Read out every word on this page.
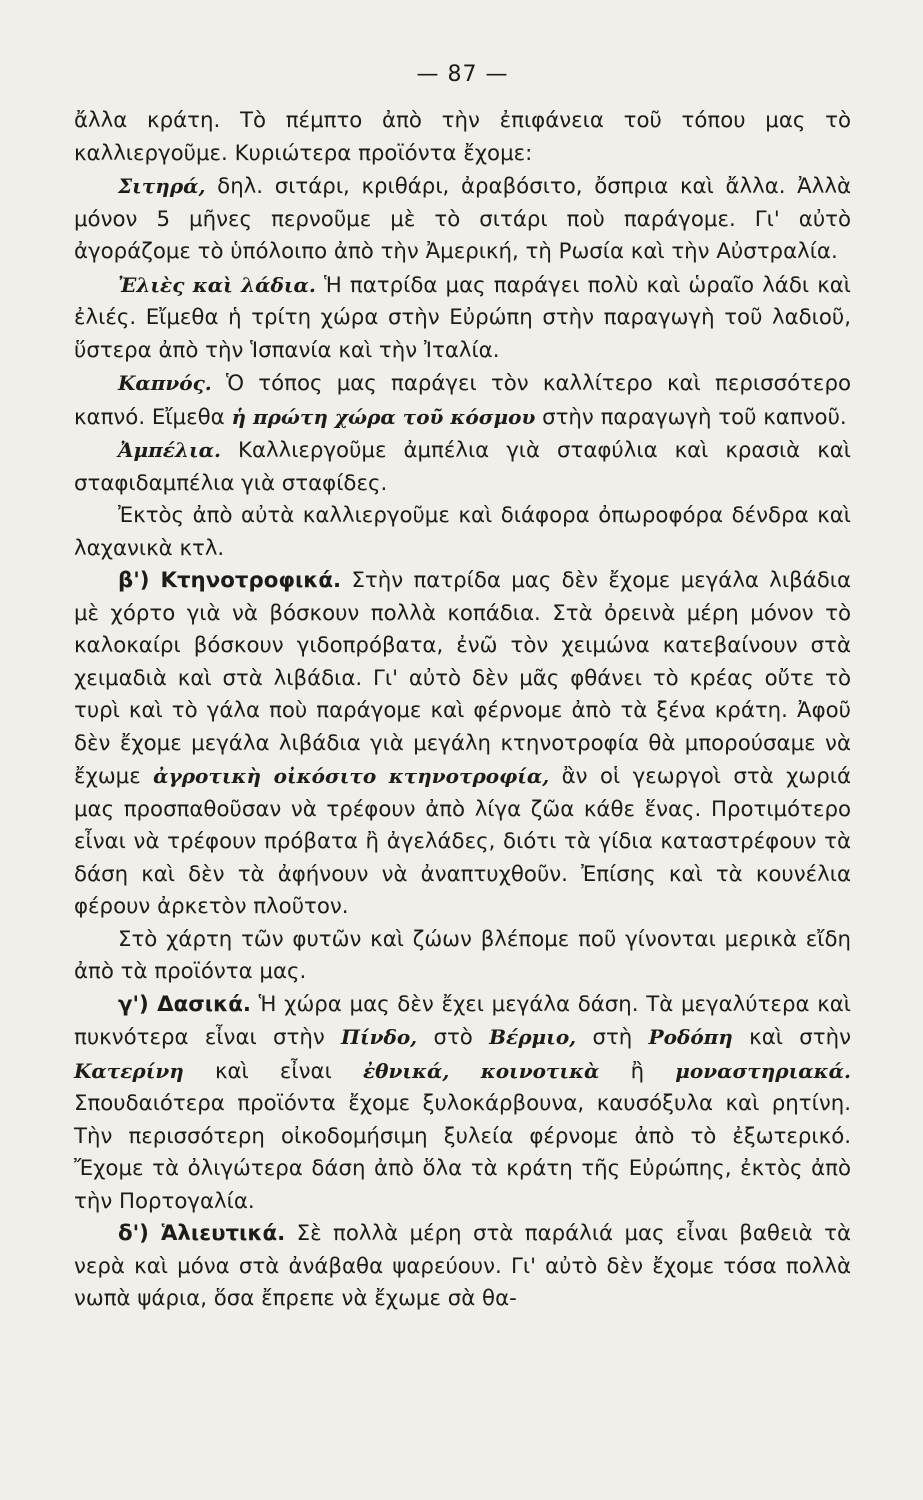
— 87 —

ἄλλα κράτη. Τὸ πέμπτο ἀπὸ τὴν ἐπιφάνεια τοῦ τόπου μας τὸ καλλιεργοῦμε. Κυριώτερα προϊόντα ἔχομε:

Σιτηρά, δηλ. σιτάρι, κριθάρι, ἀραβόσιτο, ὄσπρια καὶ ἄλλα. Ἀλλὰ μόνον 5 μῆνες περνοῦμε μὲ τὸ σιτάρι ποὺ παράγομε. Γι' αὐτὸ ἀγοράζομε τὸ ὑπόλοιπο ἀπὸ τὴν Ἀμερική, τὴ Ρωσία καὶ τὴν Αὐστραλία.

Ἐλιὲς καὶ λάδια. Ἡ πατρίδα μας παράγει πολὺ καὶ ὡραῖο λάδι καὶ ἐλιές. Εἴμεθα ἡ τρίτη χώρα στὴν Εὐρώπη στὴν παραγωγὴ τοῦ λαδιοῦ, ὕστερα ἀπὸ τὴν Ἱσπανία καὶ τὴν Ἰταλία.

Καπνός. Ὁ τόπος μας παράγει τὸν καλλίτερο καὶ περισσότερο καπνό. Εἴμεθα ἡ πρώτη χώρα τοῦ κόσμου στὴν παραγωγὴ τοῦ καπνοῦ.

Ἀμπέλια. Καλλιεργοῦμε ἀμπέλια γιὰ σταφύλια καὶ κρασιὰ καὶ σταφιδαμπέλια γιὰ σταφίδες.

Ἐκτὸς ἀπὸ αὐτὰ καλλιεργοῦμε καὶ διάφορα ὀπωροφόρα δένδρα καὶ λαχανικὰ κτλ.

β') Κτηνοτροφικά. Στὴν πατρίδα μας δὲν ἔχομε μεγάλα λιβάδια μὲ χόρτο γιὰ νὰ βόσκουν πολλὰ κοπάδια. Στὰ ὀρεινὰ μέρη μόνον τὸ καλοκαίρι βόσκουν γιδοπρόβατα, ἐνῶ τὸν χειμώνα κατεβαίνουν στὰ χειμαδιὰ καὶ στὰ λιβάδια. Γι' αὐτὸ δὲν μᾶς φθάνει τὸ κρέας οὔτε τὸ τυρὶ καὶ τὸ γάλα ποὺ παράγομε καὶ φέρνομε ἀπὸ τὰ ξένα κράτη. Ἀφοῦ δὲν ἔχομε μεγάλα λιβάδια γιὰ μεγάλη κτηνοτροφία θὰ μπορούσαμε νὰ ἔχωμε ἀγροτικὴ οἰκόσιτο κτηνοτροφία, ἂν οἱ γεωργοὶ στὰ χωριά μας προσπαθοῦσαν νὰ τρέφουν ἀπὸ λίγα ζῶα κάθε ἕνας. Προτιμότερο εἶναι νὰ τρέφουν πρόβατα ἢ ἀγελάδες, διότι τὰ γίδια καταστρέφουν τὰ δάση καὶ δὲν τὰ ἀφήνουν νὰ ἀναπτυχθοῦν. Ἐπίσης καὶ τὰ κουνέλια φέρουν ἀρκετὸν πλοῦτον.

Στὸ χάρτη τῶν φυτῶν καὶ ζώων βλέπομε ποῦ γίνονται μερικὰ εἴδη ἀπὸ τὰ προϊόντα μας.

γ') Δασικά. Ἡ χώρα μας δὲν ἔχει μεγάλα δάση. Τὰ μεγαλύτερα καὶ πυκνότερα εἶναι στὴν Πίνδο, στὸ Βέρμιο, στὴ Ροδόπη καὶ στὴν Κατερίνη καὶ εἶναι ἐθνικά, κοινοτικὰ ἢ μοναστηριακά. Σπουδαιότερα προϊόντα ἔχομε ξυλοκάρβουνα, καυσόξυλα καὶ ρητίνη. Τὴν περισσότερη οἰκοδομήσιμη ξυλεία φέρνομε ἀπὸ τὸ ἐξωτερικό. Ἔχομε τὰ ὀλιγώτερα δάση ἀπὸ ὅλα τὰ κράτη τῆς Εὐρώπης, ἐκτὸς ἀπὸ τὴν Πορτογαλία.

δ') Ἁλιευτικά. Σὲ πολλὰ μέρη στὰ παράλιά μας εἶναι βαθειὰ τὰ νερὰ καὶ μόνα στὰ ἀνάβαθα ψαρεύουν. Γι' αὐτὸ δὲν ἔχομε τόσα πολλὰ νωπὰ ψάρια, ὅσα ἔπρεπε νὰ ἔχωμε σὰ θα-
